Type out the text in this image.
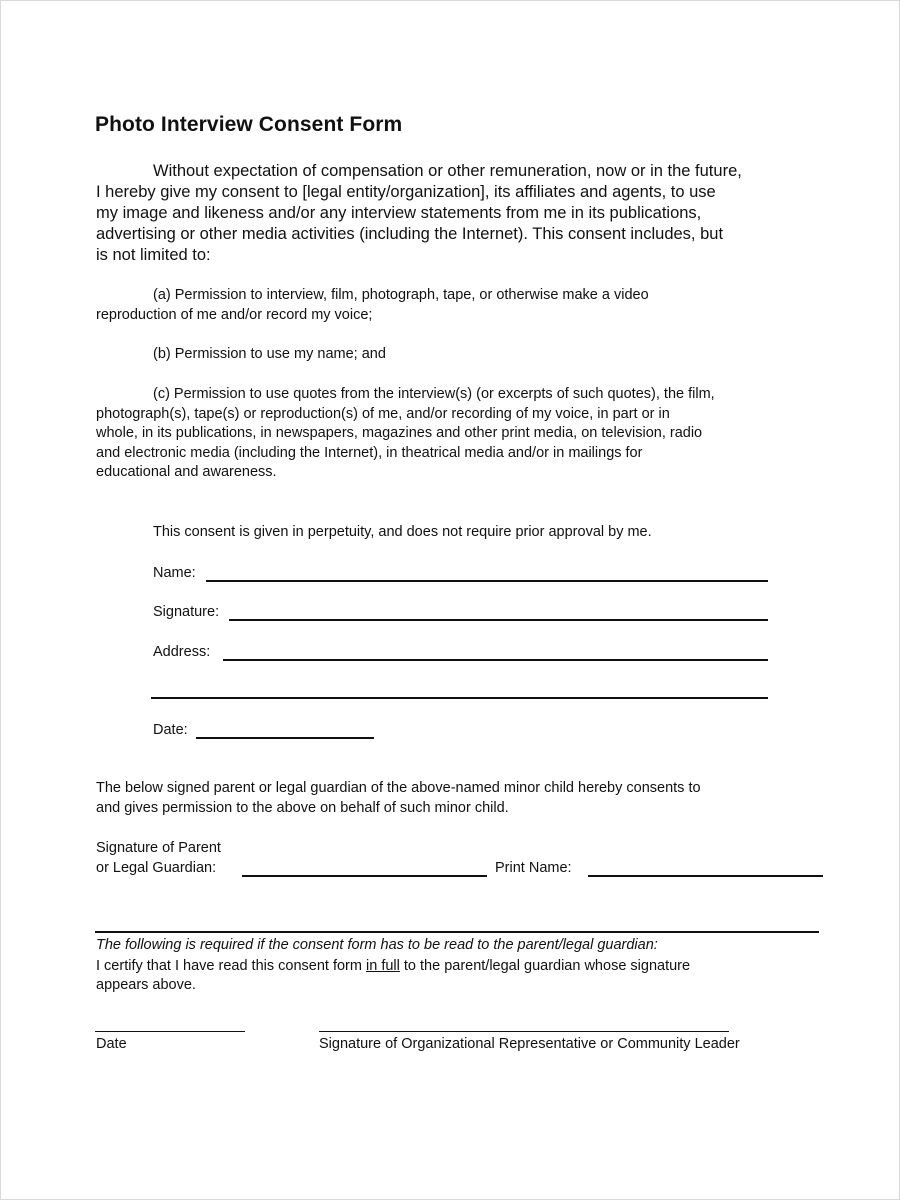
Photo Interview Consent Form
Without expectation of compensation or other remuneration, now or in the future,
I hereby give my consent to [legal entity/organization], its affiliates and agents, to use
my image and likeness and/or any interview statements from me in its publications,
advertising or other media activities (including the Internet). This consent includes, but
is not limited to:
(a) Permission to interview, film, photograph, tape, or otherwise make a video
reproduction of me and/or record my voice;
(b) Permission to use my name; and
(c) Permission to use quotes from the interview(s) (or excerpts of such quotes), the film,
photograph(s), tape(s) or reproduction(s) of me, and/or recording of my voice, in part or in
whole, in its publications, in newspapers, magazines and other print media, on television, radio
and electronic media (including the Internet), in theatrical media and/or in mailings for
educational and awareness.
This consent is given in perpetuity, and does not require prior approval by me.
Name:
Signature:
Address:
Date:
The below signed parent or legal guardian of the above-named minor child hereby consents to
and gives permission to the above on behalf of such minor child.
Signature of Parent
or Legal Guardian:	Print Name:
The following is required if the consent form has to be read to the parent/legal guardian:
I certify that I have read this consent form in full to the parent/legal guardian whose signature
appears above.
Date	Signature of Organizational Representative or Community Leader
